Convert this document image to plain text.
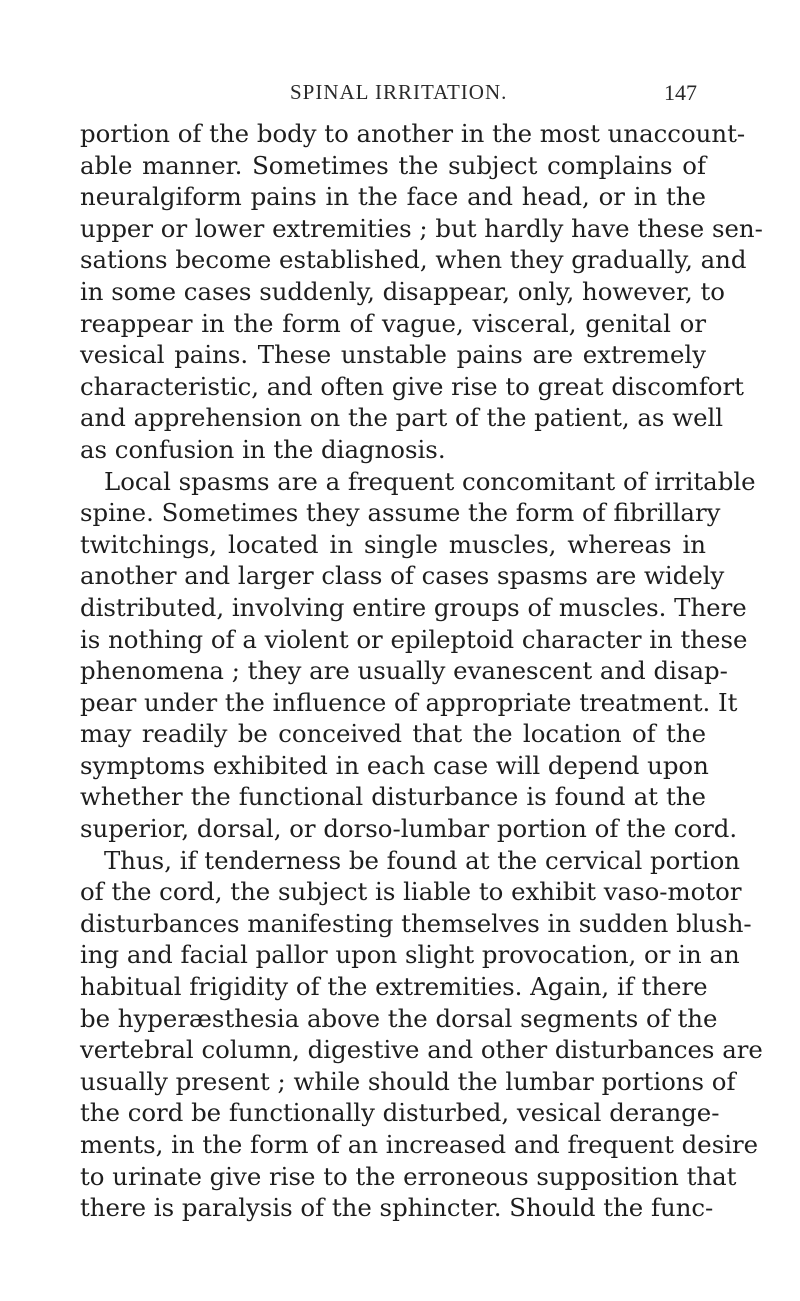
SPINAL IRRITATION.	147
portion of the body to another in the most unaccount-
able manner. Sometimes the subject complains of
neuralgiform pains in the face and head, or in the
upper or lower extremities ; but hardly have these sen-
sations become established, when they gradually, and
in some cases suddenly, disappear, only, however, to
reappear in the form of vague, visceral, genital or
vesical pains. These unstable pains are extremely
characteristic, and often give rise to great discomfort
and apprehension on the part of the patient, as well
as confusion in the diagnosis.
Local spasms are a frequent concomitant of irritable
spine. Sometimes they assume the form of fibrillary
twitchings, located in single muscles, whereas in
another and larger class of cases spasms are widely
distributed, involving entire groups of muscles. There
is nothing of a violent or epileptoid character in these
phenomena ; they are usually evanescent and disap-
pear under the influence of appropriate treatment. It
may readily be conceived that the location of the
symptoms exhibited in each case will depend upon
whether the functional disturbance is found at the
superior, dorsal, or dorso-lumbar portion of the cord.
Thus, if tenderness be found at the cervical portion
of the cord, the subject is liable to exhibit vaso-motor
disturbances manifesting themselves in sudden blush-
ing and facial pallor upon slight provocation, or in an
habitual frigidity of the extremities. Again, if there
be hyperæsthesia above the dorsal segments of the
vertebral column, digestive and other disturbances are
usually present ; while should the lumbar portions of
the cord be functionally disturbed, vesical derange-
ments, in the form of an increased and frequent desire
to urinate give rise to the erroneous supposition that
there is paralysis of the sphincter. Should the func-
